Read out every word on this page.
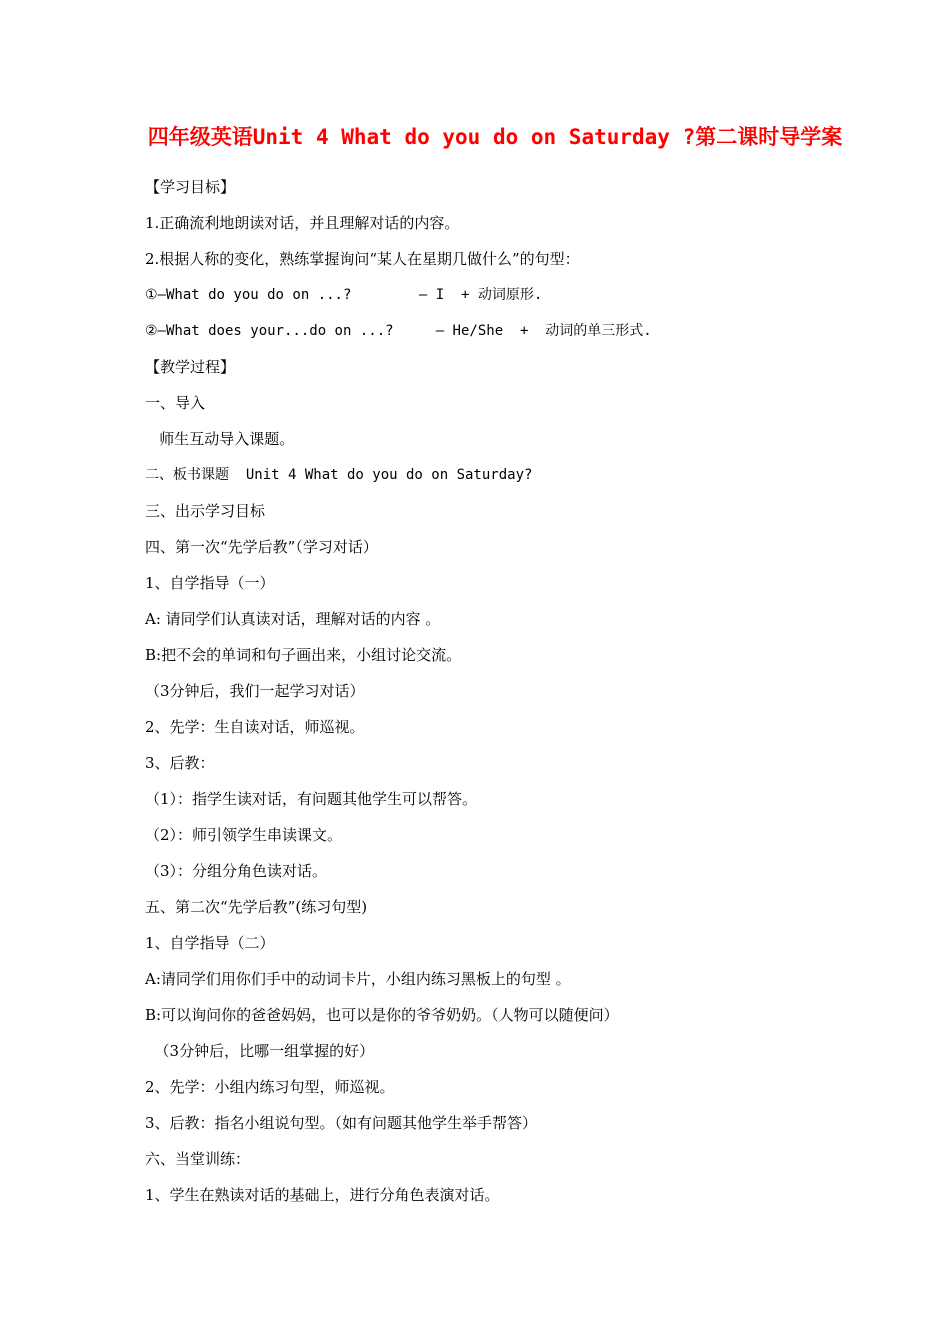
四年级英语Unit 4 What do you do on Saturday ?第二课时导学案
【学习目标】
1.正确流利地朗读对话，并且理解对话的内容。
2.根据人称的变化，熟练掌握询问“某人在星期几做什么”的句型：
①—What do you do on ...?        — I  + 动词原形.
②—What does your...do on ...?     — He/She  +  动词的单三形式.
【教学过程】
一、导入
师生互动导入课题。
二、板书课题  Unit 4 What do you do on Saturday?
三、出示学习目标
四、第一次“先学后教”（学习对话）
1、自学指导（一）
A: 请同学们认真读对话，理解对话的内容 。
B:把不会的单词和句子画出来，小组讨论交流。
（3分钟后，我们一起学习对话）
2、先学：生自读对话，师巡视。
3、后教：
（1）：指学生读对话，有问题其他学生可以帮答。
（2）：师引领学生串读课文。
（3）：分组分角色读对话。
五、第二次“先学后教”(练习句型)
1、自学指导（二）
A:请同学们用你们手中的动词卡片，小组内练习黑板上的句型 。
B:可以询问你的爸爸妈妈，也可以是你的爷爷奶奶。（人物可以随便问）
（3分钟后，比哪一组掌握的好）
2、先学：小组内练习句型，师巡视。
3、后教：指名小组说句型。（如有问题其他学生举手帮答）
六、当堂训练：
1、学生在熟读对话的基础上，进行分角色表演对话。
